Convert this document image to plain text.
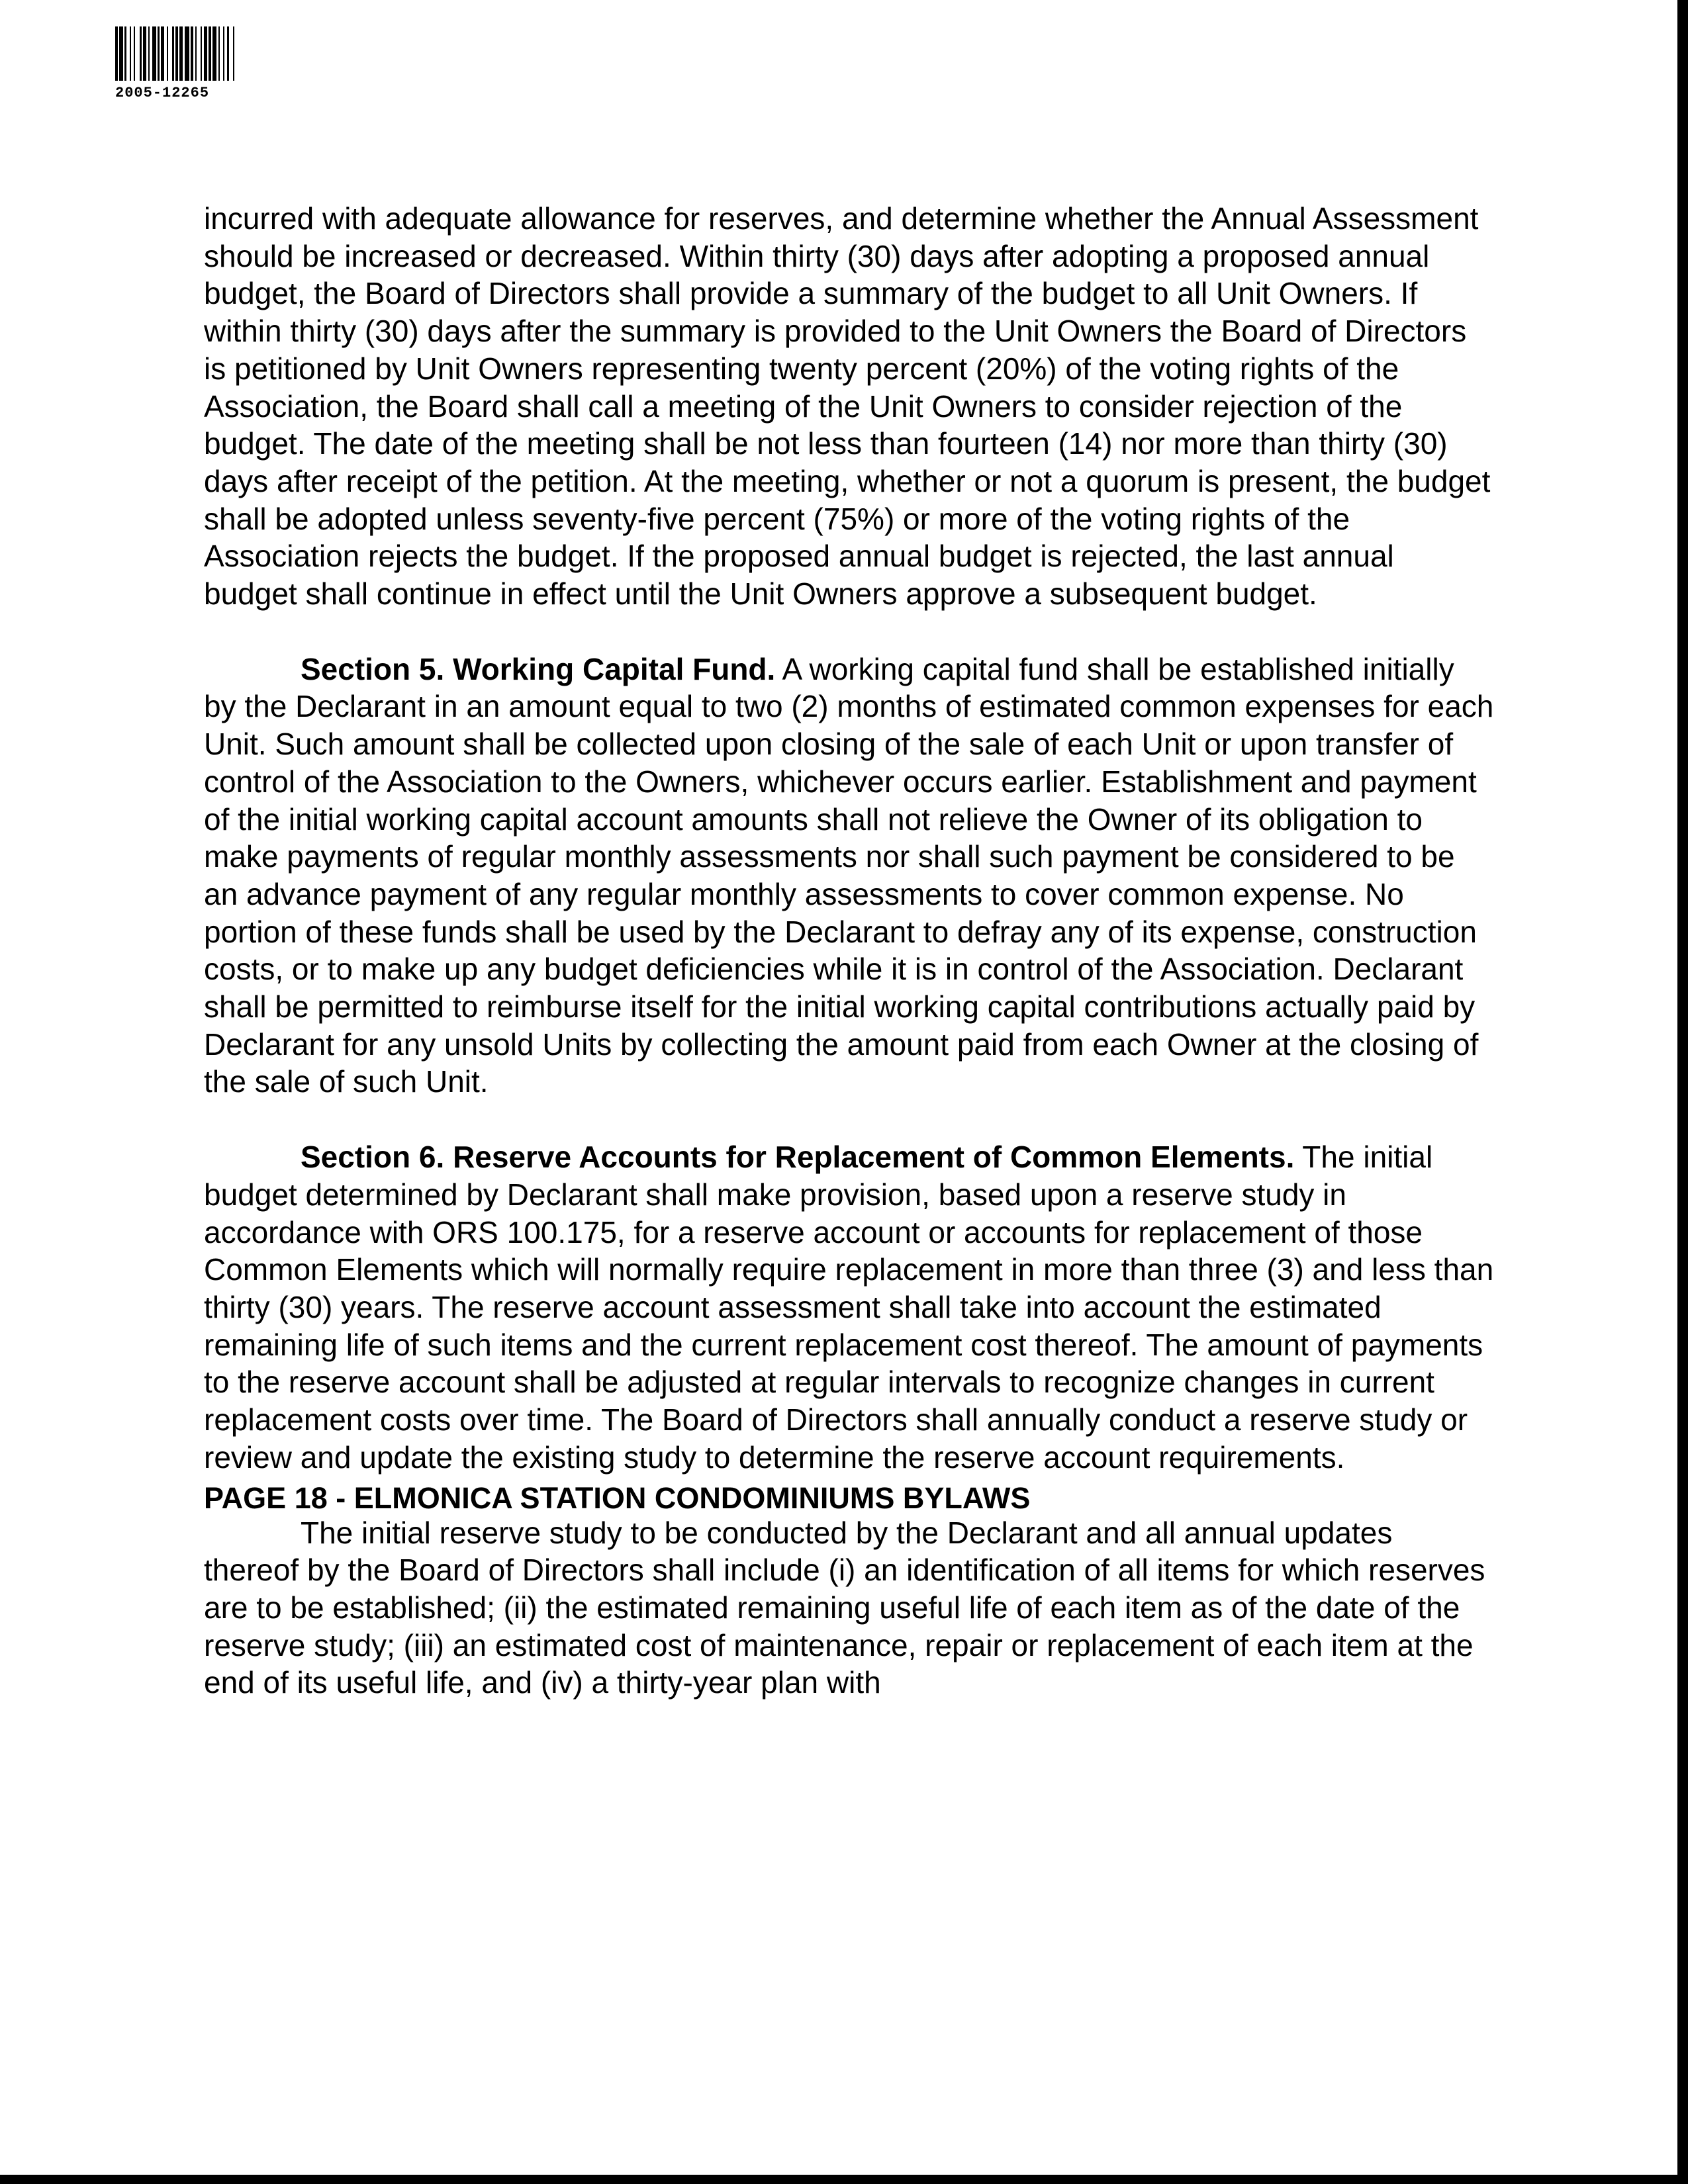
2005-12265

incurred with adequate allowance for reserves, and determine whether the Annual Assessment should be increased or decreased. Within thirty (30) days after adopting a proposed annual budget, the Board of Directors shall provide a summary of the budget to all Unit Owners. If within thirty (30) days after the summary is provided to the Unit Owners the Board of Directors is petitioned by Unit Owners representing twenty percent (20%) of the voting rights of the Association, the Board shall call a meeting of the Unit Owners to consider rejection of the budget. The date of the meeting shall be not less than fourteen (14) nor more than thirty (30) days after receipt of the petition. At the meeting, whether or not a quorum is present, the budget shall be adopted unless seventy-five percent (75%) or more of the voting rights of the Association rejects the budget. If the proposed annual budget is rejected, the last annual budget shall continue in effect until the Unit Owners approve a subsequent budget.

Section 5. Working Capital Fund. A working capital fund shall be established initially by the Declarant in an amount equal to two (2) months of estimated common expenses for each Unit. Such amount shall be collected upon closing of the sale of each Unit or upon transfer of control of the Association to the Owners, whichever occurs earlier. Establishment and payment of the initial working capital account amounts shall not relieve the Owner of its obligation to make payments of regular monthly assessments nor shall such payment be considered to be an advance payment of any regular monthly assessments to cover common expense. No portion of these funds shall be used by the Declarant to defray any of its expense, construction costs, or to make up any budget deficiencies while it is in control of the Association. Declarant shall be permitted to reimburse itself for the initial working capital contributions actually paid by Declarant for any unsold Units by collecting the amount paid from each Owner at the closing of the sale of such Unit.

Section 6. Reserve Accounts for Replacement of Common Elements. The initial budget determined by Declarant shall make provision, based upon a reserve study in accordance with ORS 100.175, for a reserve account or accounts for replacement of those Common Elements which will normally require replacement in more than three (3) and less than thirty (30) years. The reserve account assessment shall take into account the estimated remaining life of such items and the current replacement cost thereof. The amount of payments to the reserve account shall be adjusted at regular intervals to recognize changes in current replacement costs over time. The Board of Directors shall annually conduct a reserve study or review and update the existing study to determine the reserve account requirements.

The initial reserve study to be conducted by the Declarant and all annual updates thereof by the Board of Directors shall include (i) an identification of all items for which reserves are to be established; (ii) the estimated remaining useful life of each item as of the date of the reserve study; (iii) an estimated cost of maintenance, repair or replacement of each item at the end of its useful life, and (iv) a thirty-year plan with

PAGE 18 - ELMONICA STATION CONDOMINIUMS BYLAWS
